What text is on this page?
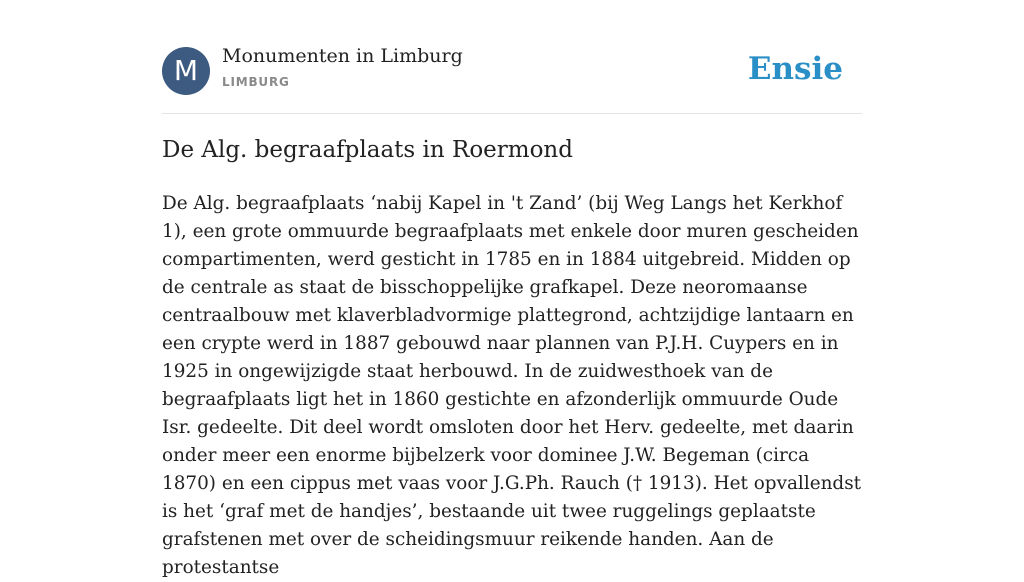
M	Monumenten in Limburg
LIMBURG	Ensie
De Alg. begraafplaats in Roermond

De Alg. begraafplaats ‘nabij Kapel in 't Zand’ (bij Weg Langs het Kerkhof 1), een grote ommuurde begraafplaats met enkele door muren gescheiden compartimenten, werd gesticht in 1785 en in 1884 uitgebreid. Midden op de centrale as staat de bisschoppelijke grafkapel. Deze neoromaanse centraalbouw met klaverbladvormige plattegrond, achtzijdige lantaarn en een crypte werd in 1887 gebouwd naar plannen van P.J.H. Cuypers en in 1925 in ongewijzigde staat herbouwd. In de zuidwesthoek van de begraafplaats ligt het in 1860 gestichte en afzonderlijk ommuurde Oude Isr. gedeelte. Dit deel wordt omsloten door het Herv. gedeelte, met daarin onder meer een enorme bijbelzerk voor dominee J.W. Begeman (circa 1870) en een cippus met vaas voor J.G.Ph. Rauch († 1913). Het opvallendst is het ‘graf met de handjes’, bestaande uit twee ruggelings geplaatste grafstenen met over de scheidingsmuur reikende handen. Aan de protestantse
